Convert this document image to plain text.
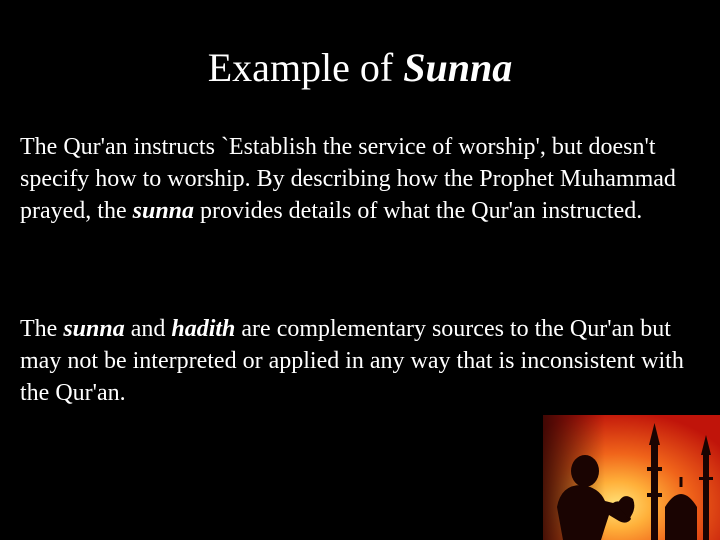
Example of Sunna

The Qur'an instructs `Establish the service of worship', but doesn't specify how to worship. By describing how the Prophet Muhammad prayed, the sunna provides details of what the Qur'an instructed.

The sunna and hadith are complementary sources to the Qur'an but may not be interpreted or applied in any way that is inconsistent with the Qur'an.
